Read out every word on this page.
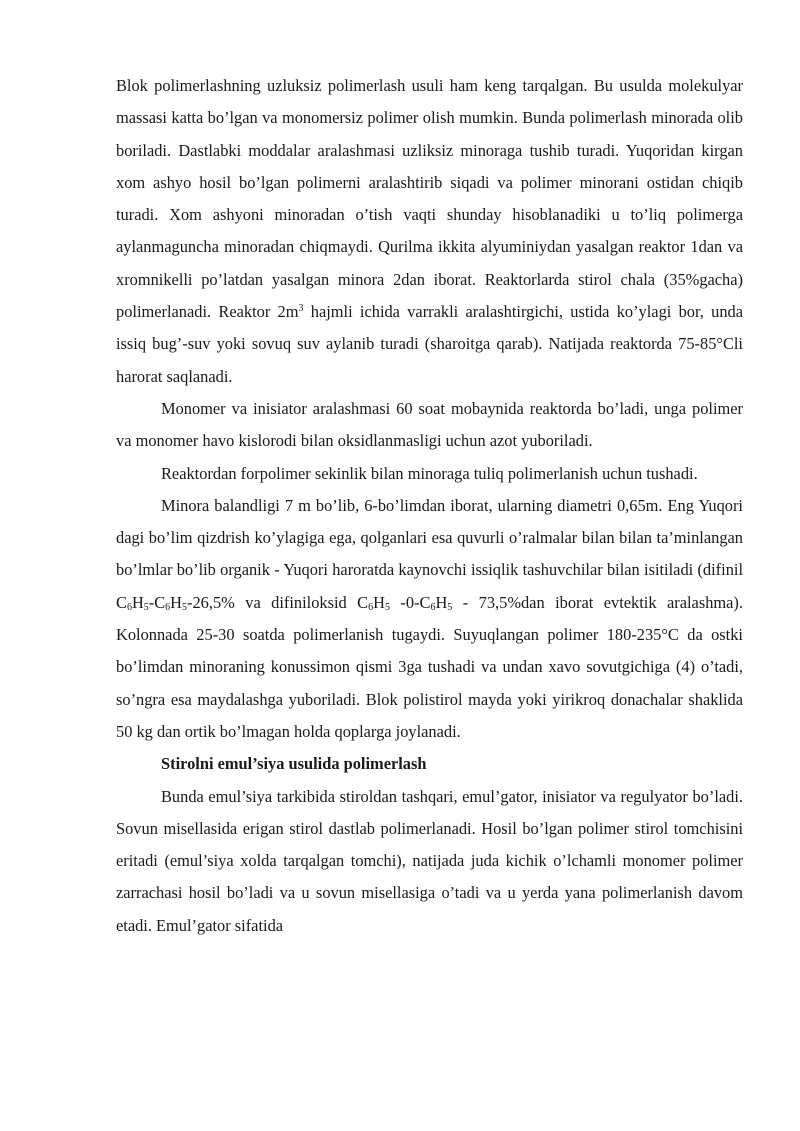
Blok polimerlashning uzluksiz polimerlash usuli ham keng tarqalgan. Bu usulda molekulyar massasi katta bo’lgan va monomersiz polimer olish mumkin. Bunda polimerlash minorada olib boriladi. Dastlabki moddalar aralashmasi uzliksiz minoraga tushib turadi. Yuqoridan kirgan xom ashyo hosil bo’lgan polimerni aralashtirib siqadi va polimer minorani ostidan chiqib turadi. Xom ashyoni minoradan o’tish vaqti shunday hisoblanadiki u to’liq polimerga aylanmaguncha minoradan chiqmaydi. Qurilma ikkita alyuminiydan yasalgan reaktor 1dan va xromnikelli po’latdan yasalgan minora 2dan iborat. Reaktorlarda stirol chala (35%gacha) polimerlanadi. Reaktor $2m^3$ hajmli ichida varrakli aralashtirgichi, ustida ko’ylagi bor, unda issiq bug’-suv yoki sovuq suv aylanib turadi (sharoitga qarab). Natijada reaktorda 75-85°Cli harorat saqlanadi.

Monomer va inisiator aralashmasi 60 soat mobaynida reaktorda bo’ladi, unga polimer va monomer havo kislorodi bilan oksidlanmasligi uchun azot yuboriladi.

Reaktordan forpolimer sekinlik bilan minoraga tuliq polimerlanish uchun tushadi.

Minora balandligi 7 m bo’lib, 6-bo’limdan iborat, ularning diametri 0,65m. Eng Yuqori dagi bo’lim qizdrish ko’ylagiga ega, qolganlari esa quvurli o’ralmalar bilan bilan ta’minlangan bo’lmlar bo’lib organik - Yuqori haroratda kaynovchi issiqlik tashuvchilar bilan isitiladi (difinil $C_6H_5-C_6H_5-26,5\%$ va difiniloksid $C_6H_5$ $-0-C_6H_5 - 73,5\%dan$ iborat evtektik aralashma). Kolonnada 25-30 soatda polimerlanish tugaydi. Suyuqlangan polimer 180-235°C da ostki bo’limdan minoraning konussimon qismi 3ga tushadi va undan xavo sovutgichiga (4) o’tadi, so’ngra esa maydalashga yuboriladi. Blok polistirol mayda yoki yirikroq donachalar shaklida 50 kg dan ortik bo’lmagan holda qoplarga joylanadi.

Stirolni emul’siya usulida polimerlash

Bunda emul’siya tarkibida stiroldan tashqari, emul’gator, inisiator va regulyator bo’ladi. Sovun misellasida erigan stirol dastlab polimerlanadi. Hosil bo’lgan polimer stirol tomchisini eritadi (emul’siya xolda tarqalgan tomchi), natijada juda kichik o’lchamli monomer polimer zarrachasi hosil bo’ladi va u sovun misellasiga o’tadi va u yerda yana polimerlanish davom etadi. Emul’gator sifatida
